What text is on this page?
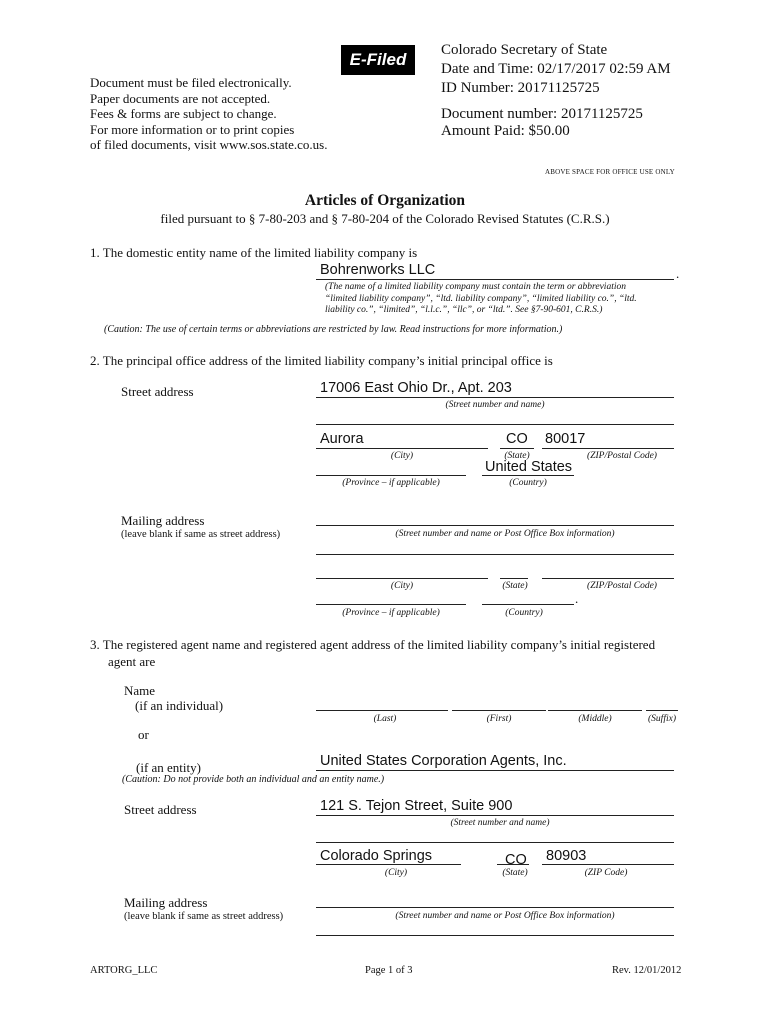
E-Filed
Document must be filed electronically.
Paper documents are not accepted.
Fees & forms are subject to change.
For more information or to print copies
of filed documents, visit www.sos.state.co.us.
Colorado Secretary of State
Date and Time: 02/17/2017 02:59 AM
ID Number: 20171125725
Document number: 20171125725
Amount Paid: $50.00
ABOVE SPACE FOR OFFICE USE ONLY
Articles of Organization
filed pursuant to § 7-80-203 and § 7-80-204 of the Colorado Revised Statutes (C.R.S.)
1. The domestic entity name of the limited liability company is
Bohrenworks LLC	.
(The name of a limited liability company must contain the term or abbreviation
“limited liability company”, “ltd. liability company”, “limited liability co.”, “ltd.
liability co.”, “limited”, “l.l.c.”, “llc”, or “ltd.”. See §7-90-601, C.R.S.)
(Caution: The use of certain terms or abbreviations are restricted by law. Read instructions for more information.)
2. The principal office address of the limited liability company’s initial principal office is
Street address	17006 East Ohio Dr., Apt. 203
(Street number and name)
Aurora	CO 80017
(City)	(State)	(ZIP/Postal Code)
United States
(Province – if applicable)	(Country)
Mailing address
(leave blank if same as street address)	(Street number and name or Post Office Box information)
(City)	(State)	(ZIP/Postal Code)
.
(Province – if applicable)	(Country)
3. The registered agent name and registered agent address of the limited liability company’s initial registered
agent are
Name
(if an individual)
(Last)	(First)	(Middle)	(Suffix)
or
(if an entity)	United States Corporation Agents, Inc.
(Caution: Do not provide both an individual and an entity name.)
Street address	121 S. Tejon Street, Suite 900
(Street number and name)
Colorado Springs	CO 80903
(City)	(State)	(ZIP Code)
Mailing address
(leave blank if same as street address)	(Street number and name or Post Office Box information)
ARTORG_LLC	Page 1 of 3	Rev. 12/01/2012
